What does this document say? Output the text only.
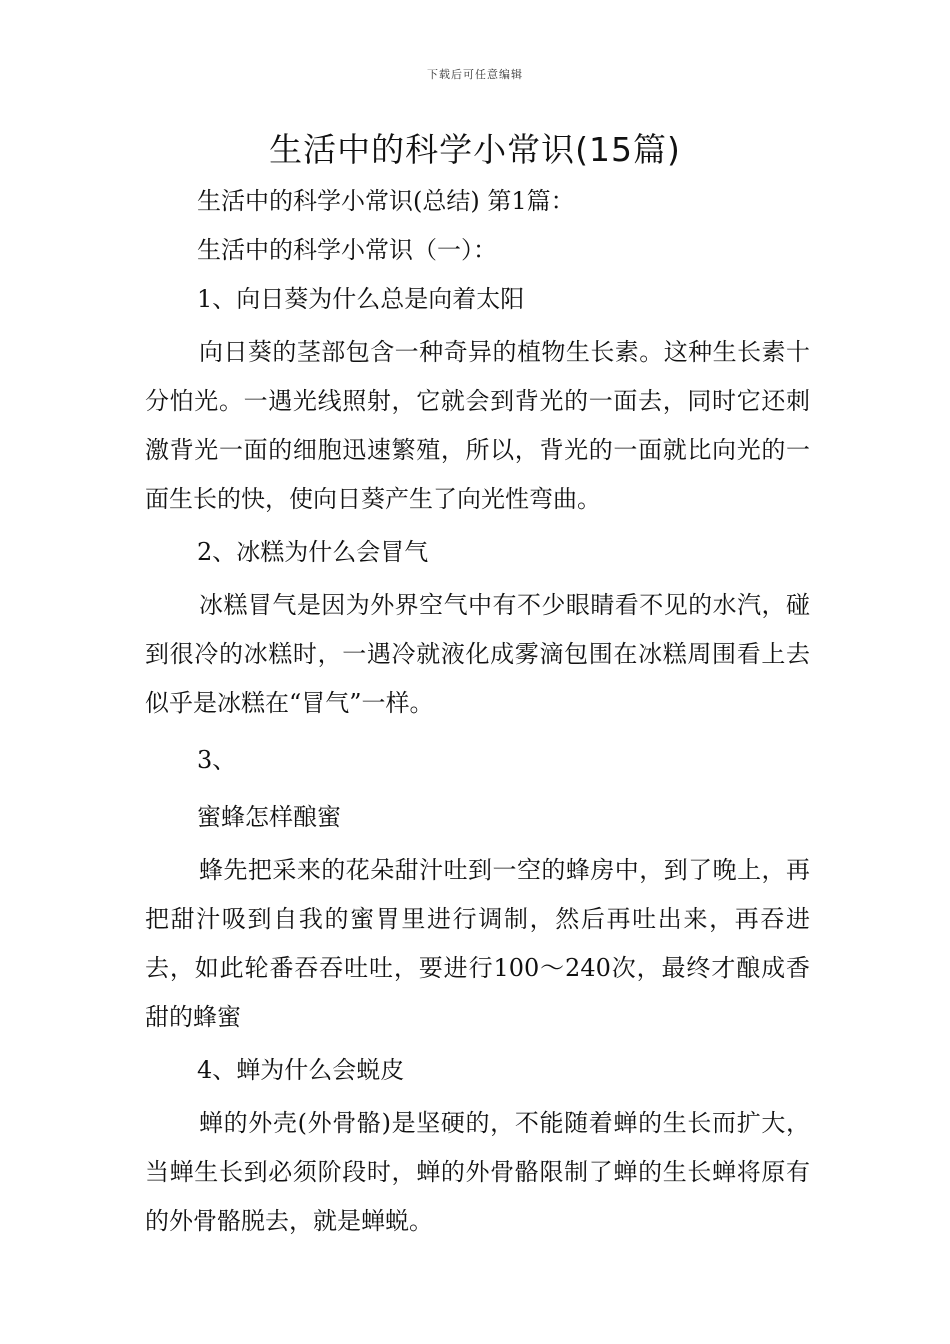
下载后可任意编辑
生活中的科学小常识(15篇)

生活中的科学小常识(总结) 第1篇：

生活中的科学小常识（一）：

1、向日葵为什么总是向着太阳

向日葵的茎部包含一种奇异的植物生长素。这种生长素十分怕光。一遇光线照射，它就会到背光的一面去，同时它还刺激背光一面的细胞迅速繁殖，所以，背光的一面就比向光的一面生长的快，使向日葵产生了向光性弯曲。

2、冰糕为什么会冒气

冰糕冒气是因为外界空气中有不少眼睛看不见的水汽，碰到很冷的冰糕时，一遇冷就液化成雾滴包围在冰糕周围看上去似乎是冰糕在“冒气”一样。

3、

蜜蜂怎样酿蜜

蜂先把采来的花朵甜汁吐到一空的蜂房中，到了晚上，再把甜汁吸到自我的蜜胃里进行调制，然后再吐出来，再吞进去，如此轮番吞吞吐吐，要进行100～240次，最终才酿成香甜的蜂蜜

4、蝉为什么会蜕皮

蝉的外壳(外骨骼)是坚硬的，不能随着蝉的生长而扩大，当蝉生长到必须阶段时，蝉的外骨骼限制了蝉的生长蝉将原有的外骨骼脱去，就是蝉蜕。
